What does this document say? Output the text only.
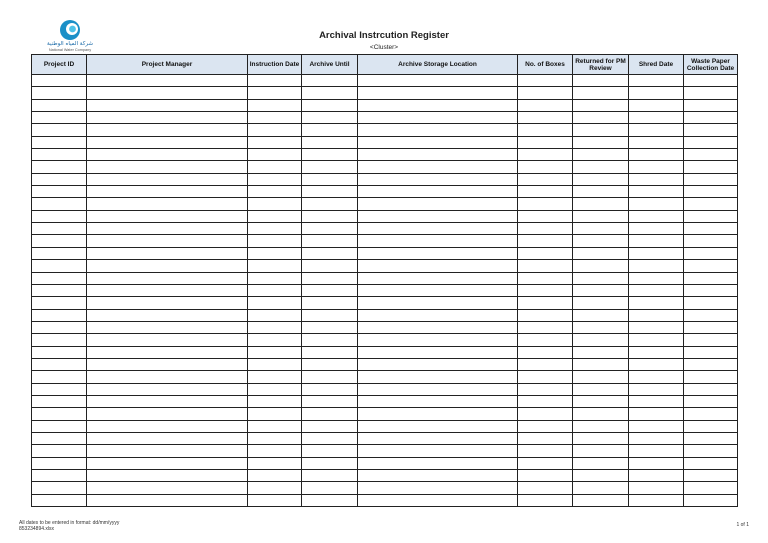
شركة المياه الوطنية
National Water Company
Archival Instrcution Register
<Cluster>
Project ID	Project Manager	Instruction Date	Archive Until	Archive Storage Location	No. of Boxes	Returned for PM Review	Shred Date	Waste Paper Collection Date

All dates to be entered in format: dd/mm/yyyy
853234894.xlsx
1 of 1
